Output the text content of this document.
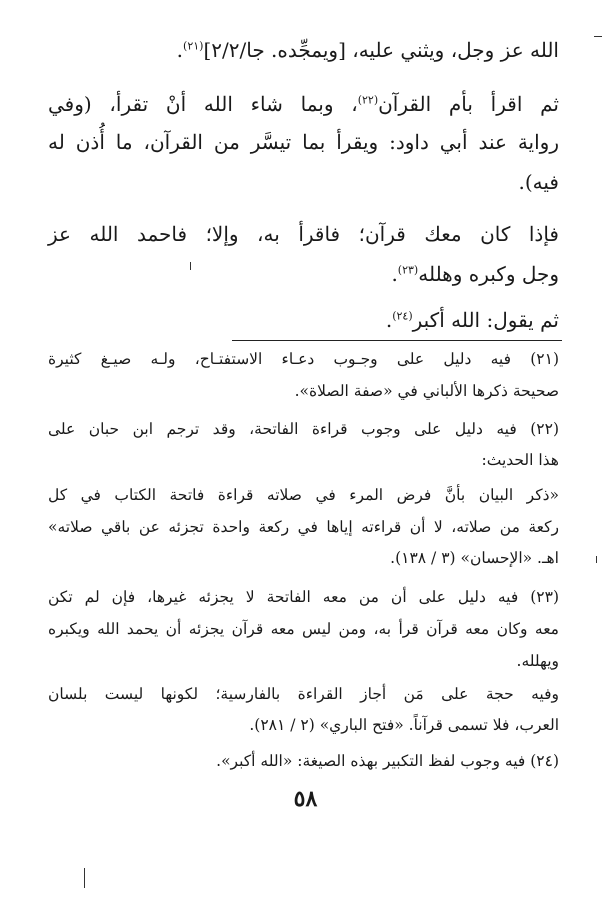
الله عز وجل، ويثني عليه، [ويمجِّده. جا/٢/٢]$^{(٢١)}$.
ثم اقرأ بأم القرآن$^{(٢٢)}$، وبما شاء الله أنْ تقرأ، (وفي
رواية عند أبي داود: ويقرأ بما تيسَّر من القرآن، ما أُذن له
فيه).
فإذا كان معك قرآن؛ فاقرأ به، وإلا؛ فاحمد الله عز
وجل وكبره وهلله$^{(٢٣)}$.
ثم يقول: الله أكبر$^{(٢٤)}$.
(٢١) فيه دليل على وجـوب دعـاء الاستفتـاح، ولـه صيـغ كثيرة
صحيحة ذكرها الألباني في «صفة الصلاة».
(٢٢) فيه دليل على وجوب قراءة الفاتحة، وقد ترجم ابن حبان على
هذا الحديث:
«ذكر البيان بأنَّ فرض المرء في صلاته قراءة فاتحة الكتاب في كل
ركعة من صلاته، لا أن قراءته إياها في ركعة واحدة تجزئه عن باقي صلاته»
اهـ. «الإحسان» (٣ / ١٣٨).
(٢٣) فيه دليل على أن من معه الفاتحة لا يجزئه غيرها، فإن لم تكن
معه وكان معه قرآن قرأ به، ومن ليس معه قرآن يجزئه أن يحمد الله ويكبره
ويهلله.
وفيه حجة على مَن أجاز القراءة بالفارسية؛ لكونها ليست بلسان
العرب، فلا تسمى قرآناً. «فتح الباري» (٢ / ٢٨١).
(٢٤) فيه وجوب لفظ التكبير بهذه الصيغة: «الله أكبر».
٥٨
